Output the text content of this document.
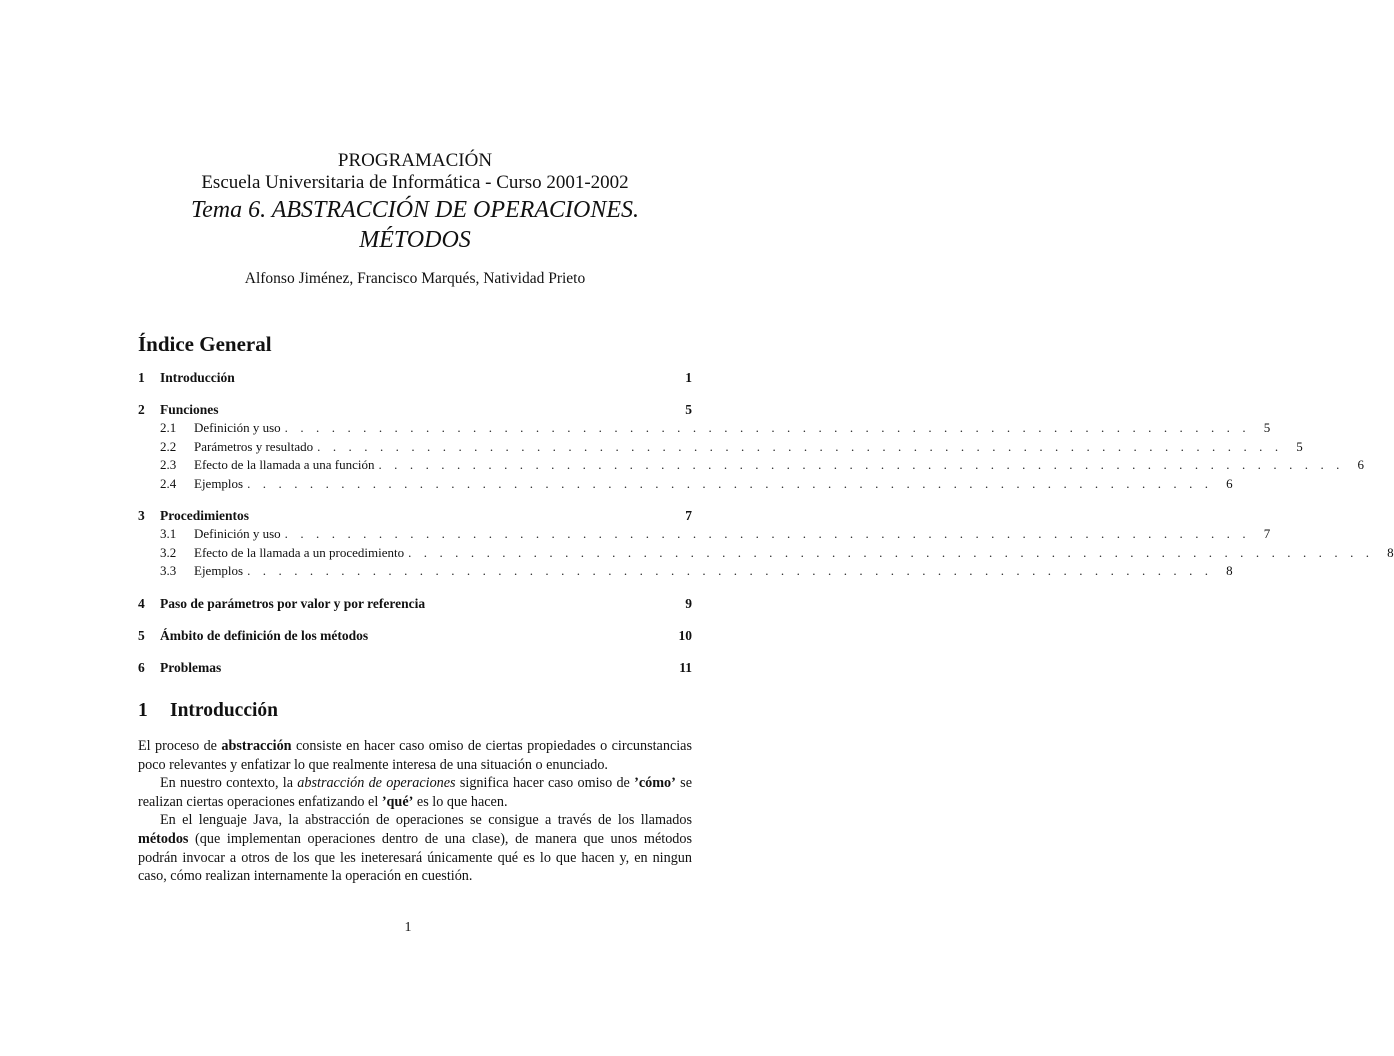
PROGRAMACIÓN
Escuela Universitaria de Informática - Curso 2001-2002
Tema 6. ABSTRACCIÓN DE OPERACIONES.
MÉTODOS
Alfonso Jiménez, Francisco Marqués, Natividad Prieto
Índice General
1	Introducción	1
2	Funciones	5
2.1	Definición y uso . . . . . . . . . . . . . . . . . . . . . . . . . . . . . . . . . . . . . . . . . . . . . . . . . . . . . . . . . . . . . .	5
2.2	Parámetros y resultado . . . . . . . . . . . . . . . . . . . . . . . . . . . . . . . . . . . . . . . . . . . . . . . . . . . . . . . . . . . . . .	5
2.3	Efecto de la llamada a una función . . . . . . . . . . . . . . . . . . . . . . . . . . . . . . . . . . . . . . . . . . . . . . . . . . . . . . . . . . . . . .	6
2.4	Ejemplos . . . . . . . . . . . . . . . . . . . . . . . . . . . . . . . . . . . . . . . . . . . . . . . . . . . . . . . . . . . . . .	6
3	Procedimientos	7
3.1	Definición y uso . . . . . . . . . . . . . . . . . . . . . . . . . . . . . . . . . . . . . . . . . . . . . . . . . . . . . . . . . . . . . .	7
3.2	Efecto de la llamada a un procedimiento . . . . . . . . . . . . . . . . . . . . . . . . . . . . . . . . . . . . . . . . . . . . . . . . . . . . . . . . . . . . . .	8
3.3	Ejemplos . . . . . . . . . . . . . . . . . . . . . . . . . . . . . . . . . . . . . . . . . . . . . . . . . . . . . . . . . . . . . .	8
4	Paso de parámetros por valor y por referencia	9
5	Ámbito de definición de los métodos	10
6	Problemas	11
1 Introducción

El proceso de abstracción consiste en hacer caso omiso de ciertas propiedades o circunstancias poco relevantes y enfatizar lo que realmente interesa de una situación o enunciado.

En nuestro contexto, la abstracción de operaciones significa hacer caso omiso de ’cómo’ se realizan ciertas operaciones enfatizando el ’qué’ es lo que hacen.

En el lenguaje Java, la abstracción de operaciones se consigue a través de los llamados métodos (que implementan operaciones dentro de una clase), de manera que unos métodos podrán invocar a otros de los que les ineteresará únicamente qué es lo que hacen y, en ningun caso, cómo realizan internamente la operación en cuestión.

1
